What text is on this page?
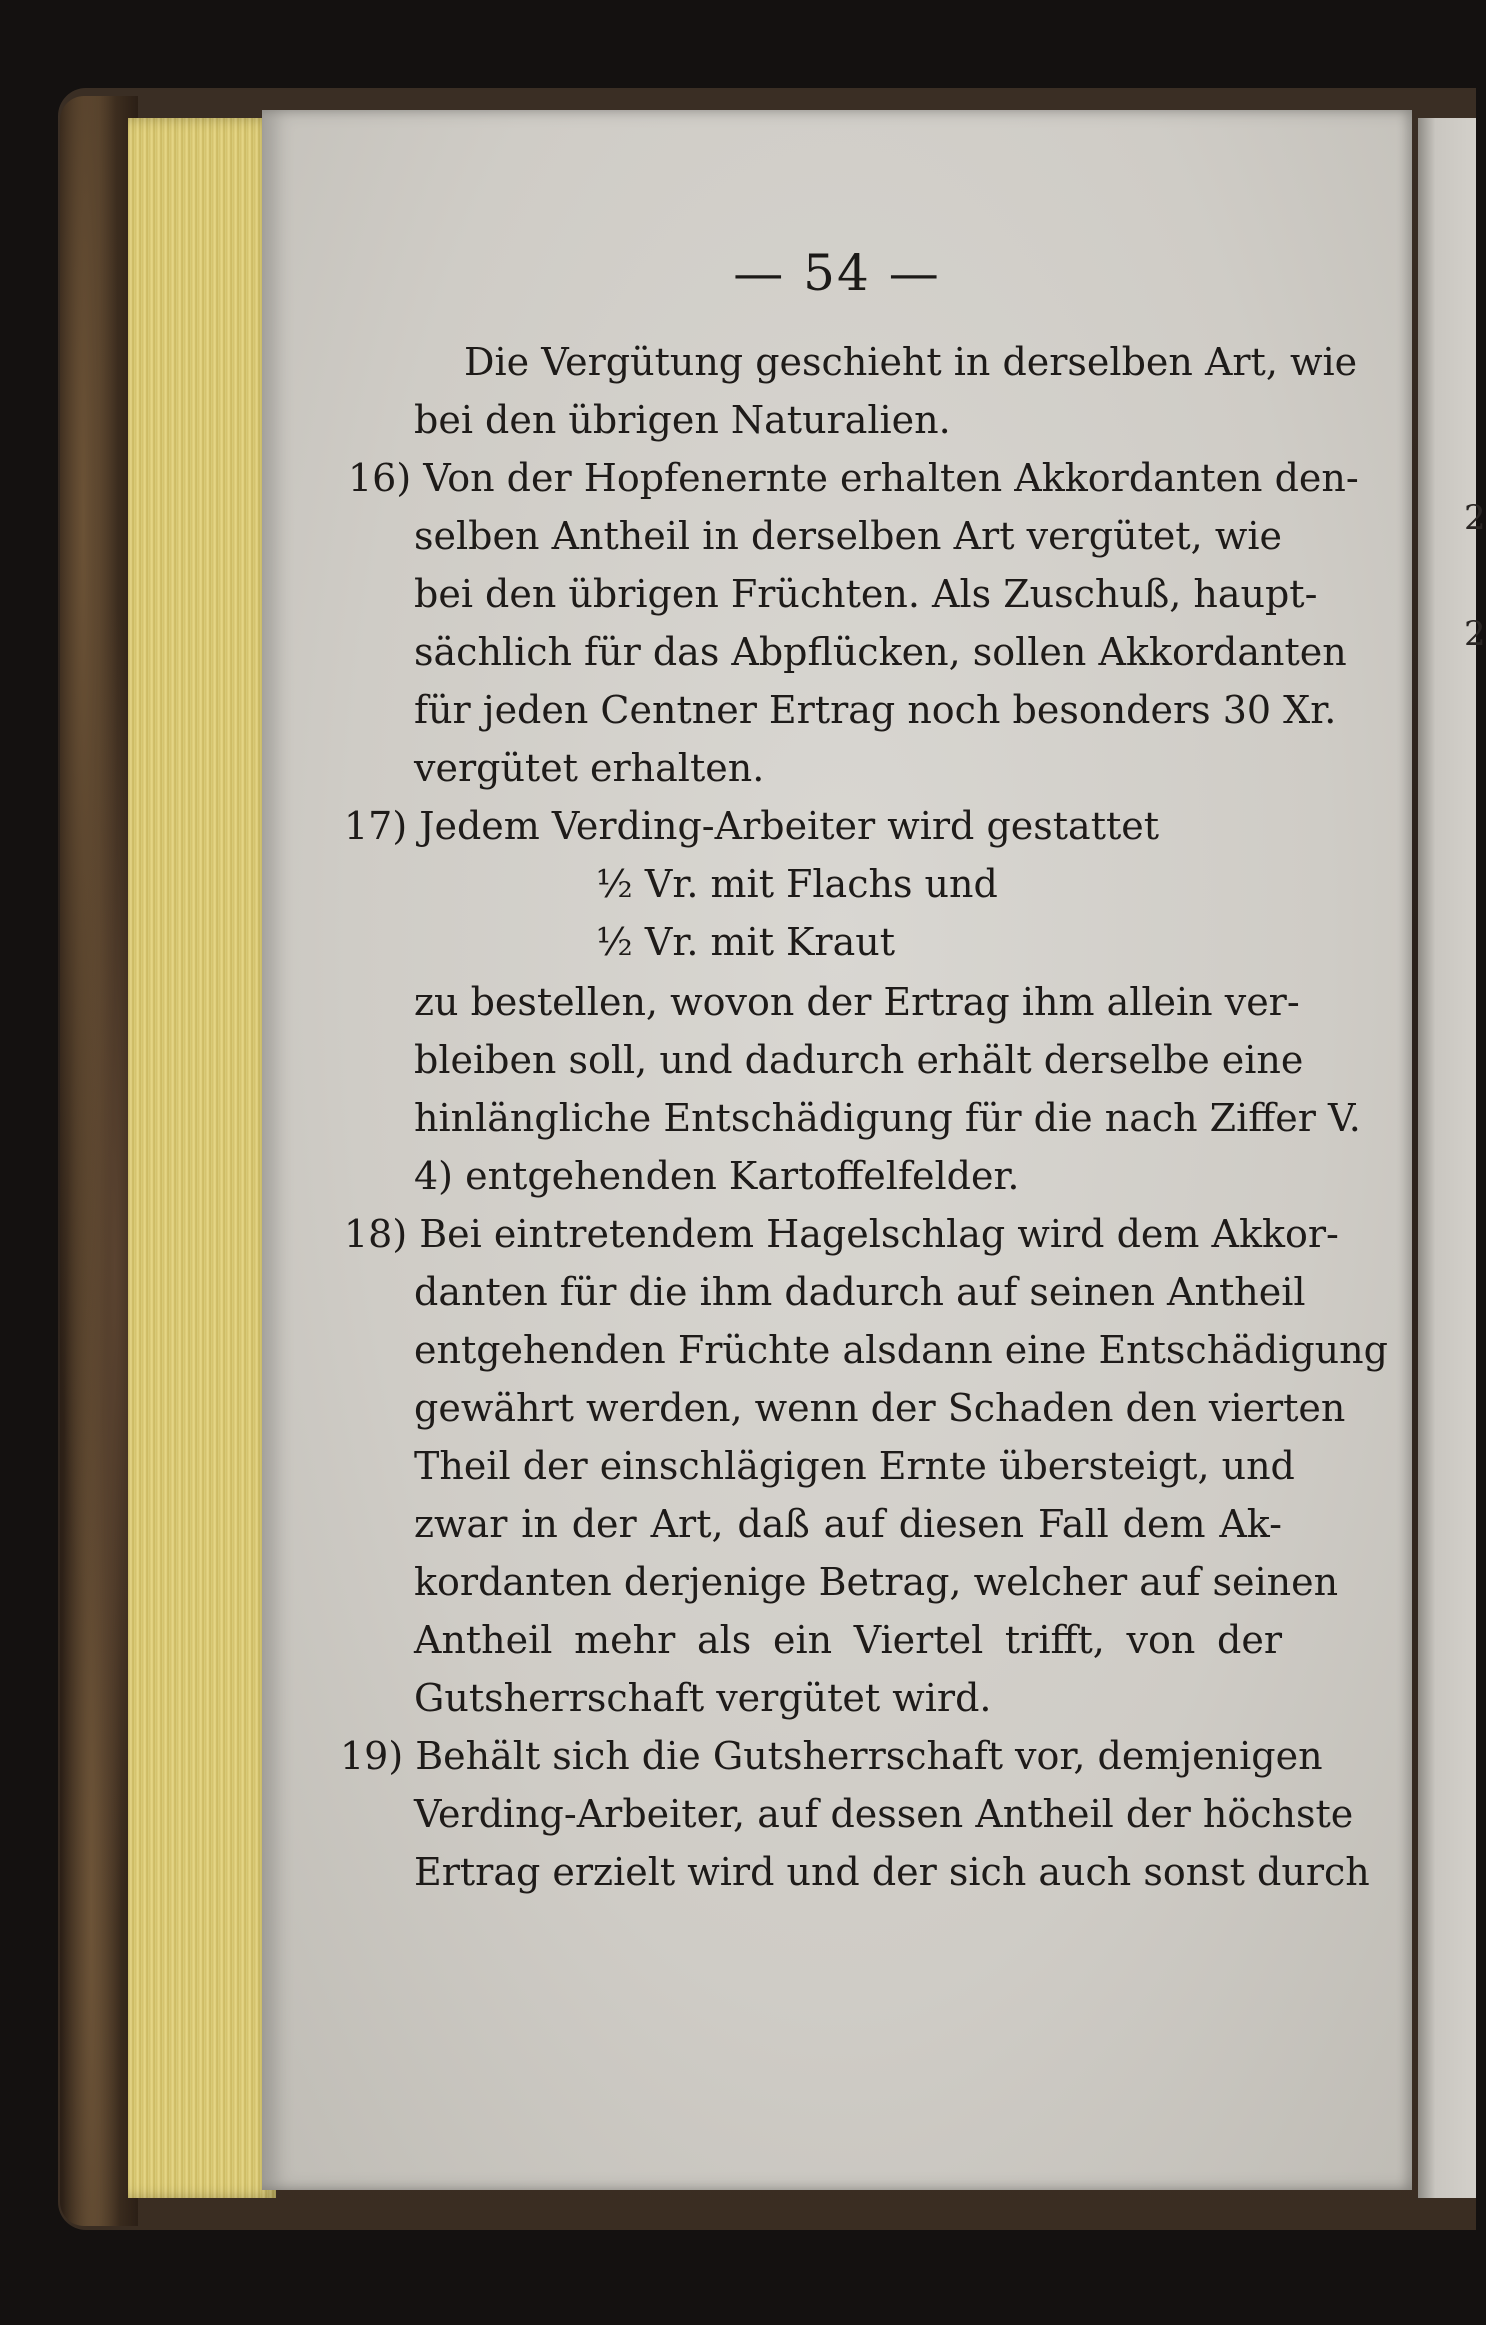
2
2
— 54 —
Die Vergütung geschieht in derselben Art, wie
bei den übrigen Naturalien.
16) Von der Hopfenernte erhalten Akkordanten den-
selben Antheil in derselben Art vergütet, wie
bei den übrigen Früchten. Als Zuschuß, haupt-
sächlich für das Abpflücken, sollen Akkordanten
für jeden Centner Ertrag noch besonders 30 Xr.
vergütet erhalten.
17) Jedem Verding-Arbeiter wird gestattet
½ Vr. mit Flachs und
½ Vr. mit Kraut
zu bestellen, wovon der Ertrag ihm allein ver-
bleiben soll, und dadurch erhält derselbe eine
hinlängliche Entschädigung für die nach Ziffer V.
4) entgehenden Kartoffelfelder.
18) Bei eintretendem Hagelschlag wird dem Akkor-
danten für die ihm dadurch auf seinen Antheil
entgehenden Früchte alsdann eine Entschädigung
gewährt werden, wenn der Schaden den vierten
Theil der einschlägigen Ernte übersteigt, und
zwar in der Art, daß auf diesen Fall dem Ak-
kordanten derjenige Betrag, welcher auf seinen
Antheil mehr als ein Viertel trifft, von der
Gutsherrschaft vergütet wird.
19) Behält sich die Gutsherrschaft vor, demjenigen
Verding-Arbeiter, auf dessen Antheil der höchste
Ertrag erzielt wird und der sich auch sonst durch
